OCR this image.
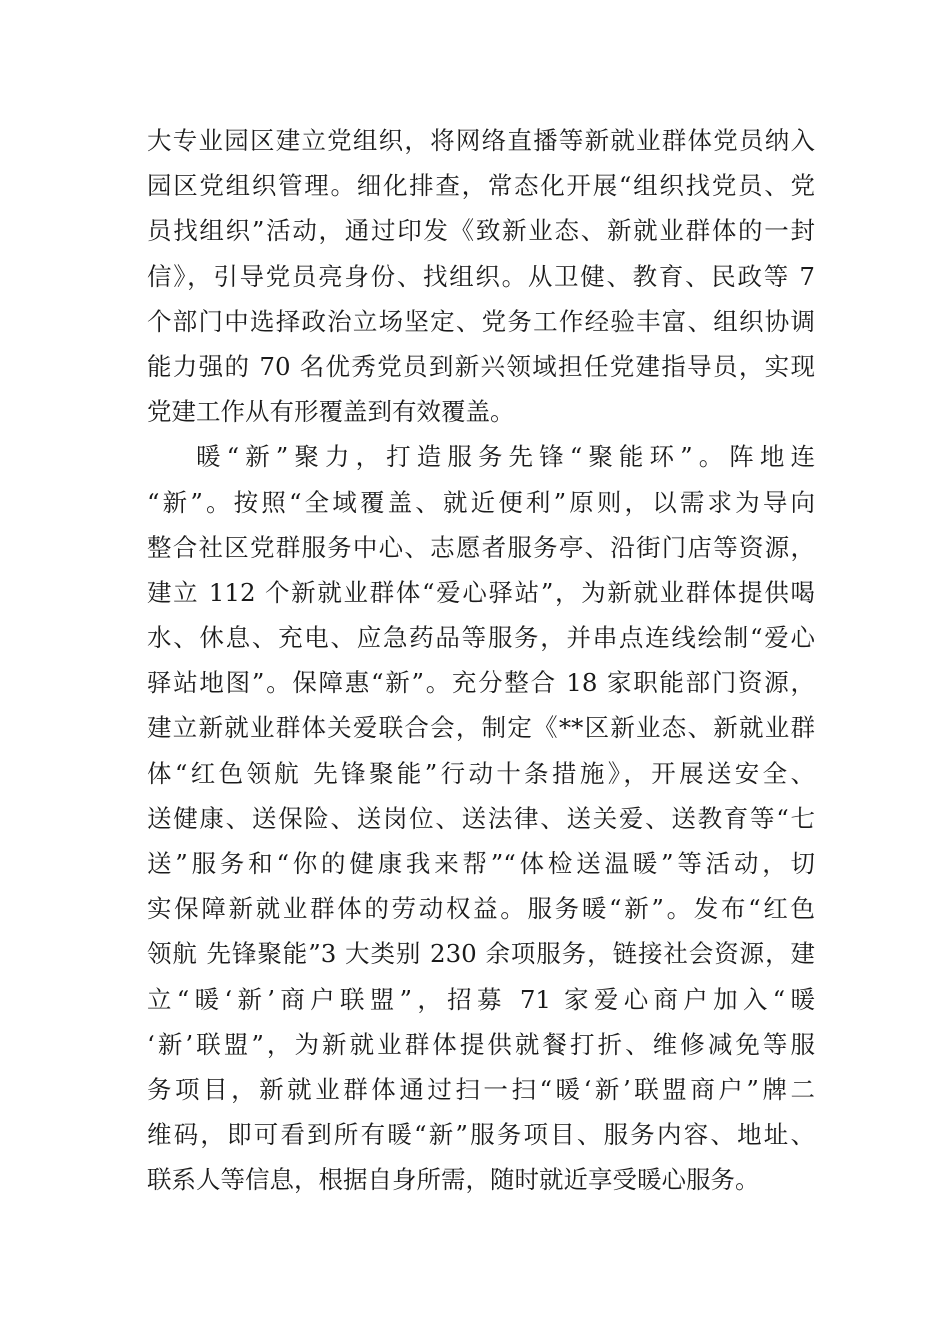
大专业园区建立党组织，将网络直播等新就业群体党员纳入
园区党组织管理。细化排查，常态化开展“组织找党员、党
员找组织”活动，通过印发《致新业态、新就业群体的一封
信》，引导党员亮身份、找组织。从卫健、教育、民政等 7
个部门中选择政治立场坚定、党务工作经验丰富、组织协调
能力强的 70 名优秀党员到新兴领域担任党建指导员，实现
党建工作从有形覆盖到有效覆盖。
暖“新”聚力，打造服务先锋“聚能环”。阵地连
“新”。按照“全域覆盖、就近便利”原则，以需求为导向
整合社区党群服务中心、志愿者服务亭、沿街门店等资源，
建立 112 个新就业群体“爱心驿站”，为新就业群体提供喝
水、休息、充电、应急药品等服务，并串点连线绘制“爱心
驿站地图”。保障惠“新”。充分整合 18 家职能部门资源，
建立新就业群体关爱联合会，制定《**区新业态、新就业群
体“红色领航 先锋聚能”行动十条措施》，开展送安全、
送健康、送保险、送岗位、送法律、送关爱、送教育等“七
送”服务和“你的健康我来帮”“体检送温暖”等活动，切
实保障新就业群体的劳动权益。服务暖“新”。发布“红色
领航 先锋聚能”3 大类别 230 余项服务，链接社会资源，建
立“暖‘新’商户联盟”，招募 71 家爱心商户加入“暖
‘新’联盟”，为新就业群体提供就餐打折、维修减免等服
务项目，新就业群体通过扫一扫“暖‘新’联盟商户”牌二
维码，即可看到所有暖“新”服务项目、服务内容、地址、
联系人等信息，根据自身所需，随时就近享受暖心服务。
